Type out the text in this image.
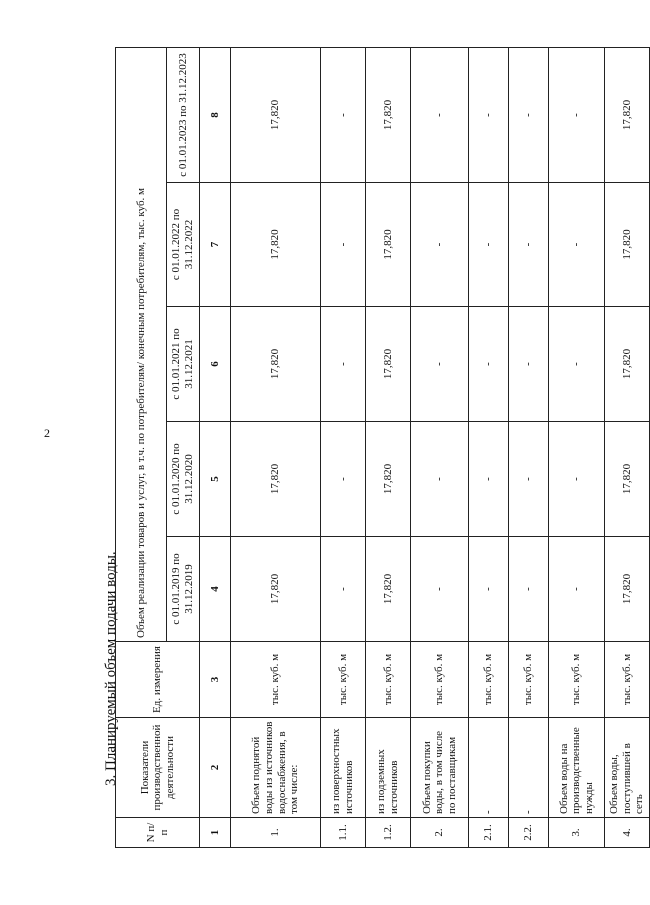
2
3. Планируемый объем подачи воды.
N п/п	Показатели производственной деятельности	Ед. измерения	Объем реализации товаров и услуг, в т.ч. по потребителям/ конечным потребителям, тыс. куб. м				
			с 01.01.2019 по 31.12.2019	с 01.01.2020 по 31.12.2020	с 01.01.2021 по 31.12.2021	с 01.01.2022 по 31.12.2022	с 01.01.2023 по 31.12.2023
1	2	3	4	5	6	7	8
1.	Объем поднятой воды из источников водоснабжения, в том числе:	тыс. куб. м	17,820	17,820	17,820	17,820	17,820
1.1.	из поверхностных источников	тыс. куб. м	-	-	-	-	-
1.2.	из подземных источников	тыс. куб. м	17,820	17,820	17,820	17,820	17,820
2.	Объем покупки воды, в том числе по поставщикам	тыс. куб. м	-	-	-	-	-
2.1.	-	тыс. куб. м	-	-	-	-	-
2.2.	-	тыс. куб. м	-	-	-	-	-
3.	Объем воды на производственные нужды	тыс. куб. м	-	-	-	-	-
4.	Объем воды, поступившей в сеть	тыс. куб. м	17,820	17,820	17,820	17,820	17,820
